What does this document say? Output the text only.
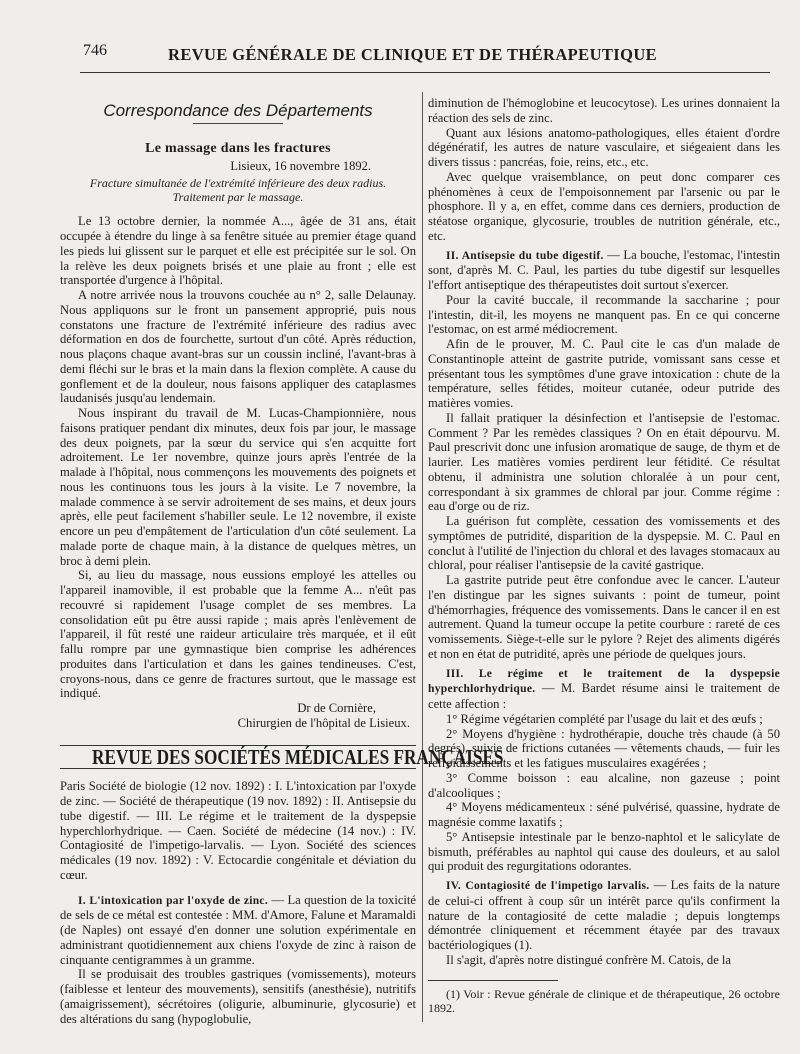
746	REVUE GÉNÉRALE DE CLINIQUE ET DE THÉRAPEUTIQUE
Correspondance des Départements
Le massage dans les fractures
Lisieux, 16 novembre 1892.
Fracture simultanée de l'extrémité inférieure des deux radius.
Traitement par le massage.

Le 13 octobre dernier, la nommée A..., âgée de 31 ans, était occupée à étendre du linge à sa fenêtre située au premier étage quand les pieds lui glissent sur le parquet et elle est précipitée sur le sol. On la relève les deux poignets brisés et une plaie au front ; elle est transportée d'urgence à l'hôpital.

A notre arrivée nous la trouvons couchée au n° 2, salle Delaunay. Nous appliquons sur le front un pansement approprié, puis nous constatons une fracture de l'extrémité inférieure des radius avec déformation en dos de fourchette, surtout d'un côté. Après réduction, nous plaçons chaque avant-bras sur un coussin incliné, l'avant-bras à demi fléchi sur le bras et la main dans la flexion complète. A cause du gonflement et de la douleur, nous faisons appliquer des cataplasmes laudanisés jusqu'au lendemain.

Nous inspirant du travail de M. Lucas-Championnière, nous faisons pratiquer pendant dix minutes, deux fois par jour, le massage des deux poignets, par la sœur du service qui s'en acquitte fort adroitement. Le 1er novembre, quinze jours après l'entrée de la malade à l'hôpital, nous commençons les mouvements des poignets et nous les continuons tous les jours à la visite. Le 7 novembre, la malade commence à se servir adroitement de ses mains, et deux jours après, elle peut facilement s'habiller seule. Le 12 novembre, il existe encore un peu d'empâtement de l'articulation d'un côté seulement. La malade porte de chaque main, à la distance de quelques mètres, un broc à demi plein.

Si, au lieu du massage, nous eussions employé les attelles ou l'appareil inamovible, il est probable que la femme A... n'eût pas recouvré si rapidement l'usage complet de ses membres. La consolidation eût pu être aussi rapide ; mais après l'enlèvement de l'appareil, il fût resté une raideur articulaire très marquée, et il eût fallu rompre par une gymnastique bien comprise les adhérences produites dans l'articulation et dans les gaines tendineuses. C'est, croyons-nous, dans ce genre de fractures surtout, que le massage est indiqué.

Dr de Cornière,
Chirurgien de l'hôpital de Lisieux.
REVUE DES SOCIÉTÉS MÉDICALES FRANÇAISES

Paris Société de biologie (12 nov. 1892) : I. L'intoxication par l'oxyde de zinc. — Société de thérapeutique (19 nov. 1892) : II. Antisepsie du tube digestif. — III. Le régime et le traitement de la dyspepsie hyperchlorhydrique. — Caen. Société de médecine (14 nov.) : IV. Contagiosité de l'impetigo-larvalis. — Lyon. Société des sciences médicales (19 nov. 1892) : V. Ectocardie congénitale et déviation du cœur.

I. L'intoxication par l'oxyde de zinc. — La question de la toxicité de sels de ce métal est contestée : MM. d'Amore, Falune et Maramaldi (de Naples) ont essayé d'en donner une solution expérimentale en administrant quotidiennement aux chiens l'oxyde de zinc à raison de cinquante centigrammes à un gramme.

Il se produisait des troubles gastriques (vomissements), moteurs (faiblesse et lenteur des mouvements), sensitifs (anesthésie), nutritifs (amaigrissement), sécrétoires (oligurie, albuminurie, glycosurie) et des altérations du sang (hypoglobulie,

diminution de l'hémoglobine et leucocytose). Les urines donnaient la réaction des sels de zinc.

Quant aux lésions anatomo-pathologiques, elles étaient d'ordre dégénératif, les autres de nature vasculaire, et siégeaient dans les divers tissus : pancréas, foie, reins, etc., etc.

Avec quelque vraisemblance, on peut donc comparer ces phénomènes à ceux de l'empoisonnement par l'arsenic ou par le phosphore. Il y a, en effet, comme dans ces derniers, production de stéatose organique, glycosurie, troubles de nutrition générale, etc., etc.

II. Antisepsie du tube digestif. — La bouche, l'estomac, l'intestin sont, d'après M. C. Paul, les parties du tube digestif sur lesquelles l'effort antiseptique des thérapeutistes doit surtout s'exercer.

Pour la cavité buccale, il recommande la saccharine ; pour l'intestin, dit-il, les moyens ne manquent pas. En ce qui concerne l'estomac, on est armé médiocrement.

Afin de le prouver, M. C. Paul cite le cas d'un malade de Constantinople atteint de gastrite putride, vomissant sans cesse et présentant tous les symptômes d'une grave intoxication : chute de la température, selles fétides, moiteur cutanée, odeur putride des matières vomies.

Il fallait pratiquer la désinfection et l'antisepsie de l'estomac. Comment ? Par les remèdes classiques ? On en était dépourvu. M. Paul prescrivit donc une infusion aromatique de sauge, de thym et de laurier. Les matières vomies perdirent leur fétidité. Ce résultat obtenu, il administra une solution chloralée à un pour cent, correspondant à six grammes de chloral par jour. Comme régime : eau d'orge ou de riz.

La guérison fut complète, cessation des vomissements et des symptômes de putridité, disparition de la dyspepsie. M. C. Paul en conclut à l'utilité de l'injection du chloral et des lavages stomacaux au chloral, pour réaliser l'antisepsie de la cavité gastrique.

La gastrite putride peut être confondue avec le cancer. L'auteur l'en distingue par les signes suivants : point de tumeur, point d'hémorrhagies, fréquence des vomissements. Dans le cancer il en est autrement. Quand la tumeur occupe la petite courbure : rareté de ces vomissements. Siège-t-elle sur le pylore ? Rejet des aliments digérés et non en état de putridité, après une période de quelques jours.

III. Le régime et le traitement de la dyspepsie hyperchlorhydrique. — M. Bardet résume ainsi le traitement de cette affection :

1° Régime végétarien complété par l'usage du lait et des œufs ;

2° Moyens d'hygiène : hydrothérapie, douche très chaude (à 50 degrés), suivie de frictions cutanées — vêtements chauds, — fuir les refroidissements et les fatigues musculaires exagérées ;

3° Comme boisson : eau alcaline, non gazeuse ; point d'alcooliques ;

4° Moyens médicamenteux : séné pulvérisé, quassine, hydrate de magnésie comme laxatifs ;

5° Antisepsie intestinale par le benzo-naphtol et le salicylate de bismuth, préférables au naphtol qui cause des douleurs, et au salol qui produit des regurgitations odorantes.

IV. Contagiosité de l'impetigo larvalis. — Les faits de la nature de celui-ci offrent à coup sûr un intérêt parce qu'ils confirment la nature de la contagiosité de cette maladie ; depuis longtemps démontrée cliniquement et récemment étayée par des travaux bactériologiques (1).

Il s'agit, d'après notre distingué confrère M. Catois, de la

(1) Voir : Revue générale de clinique et de thérapeutique, 26 octobre 1892.
